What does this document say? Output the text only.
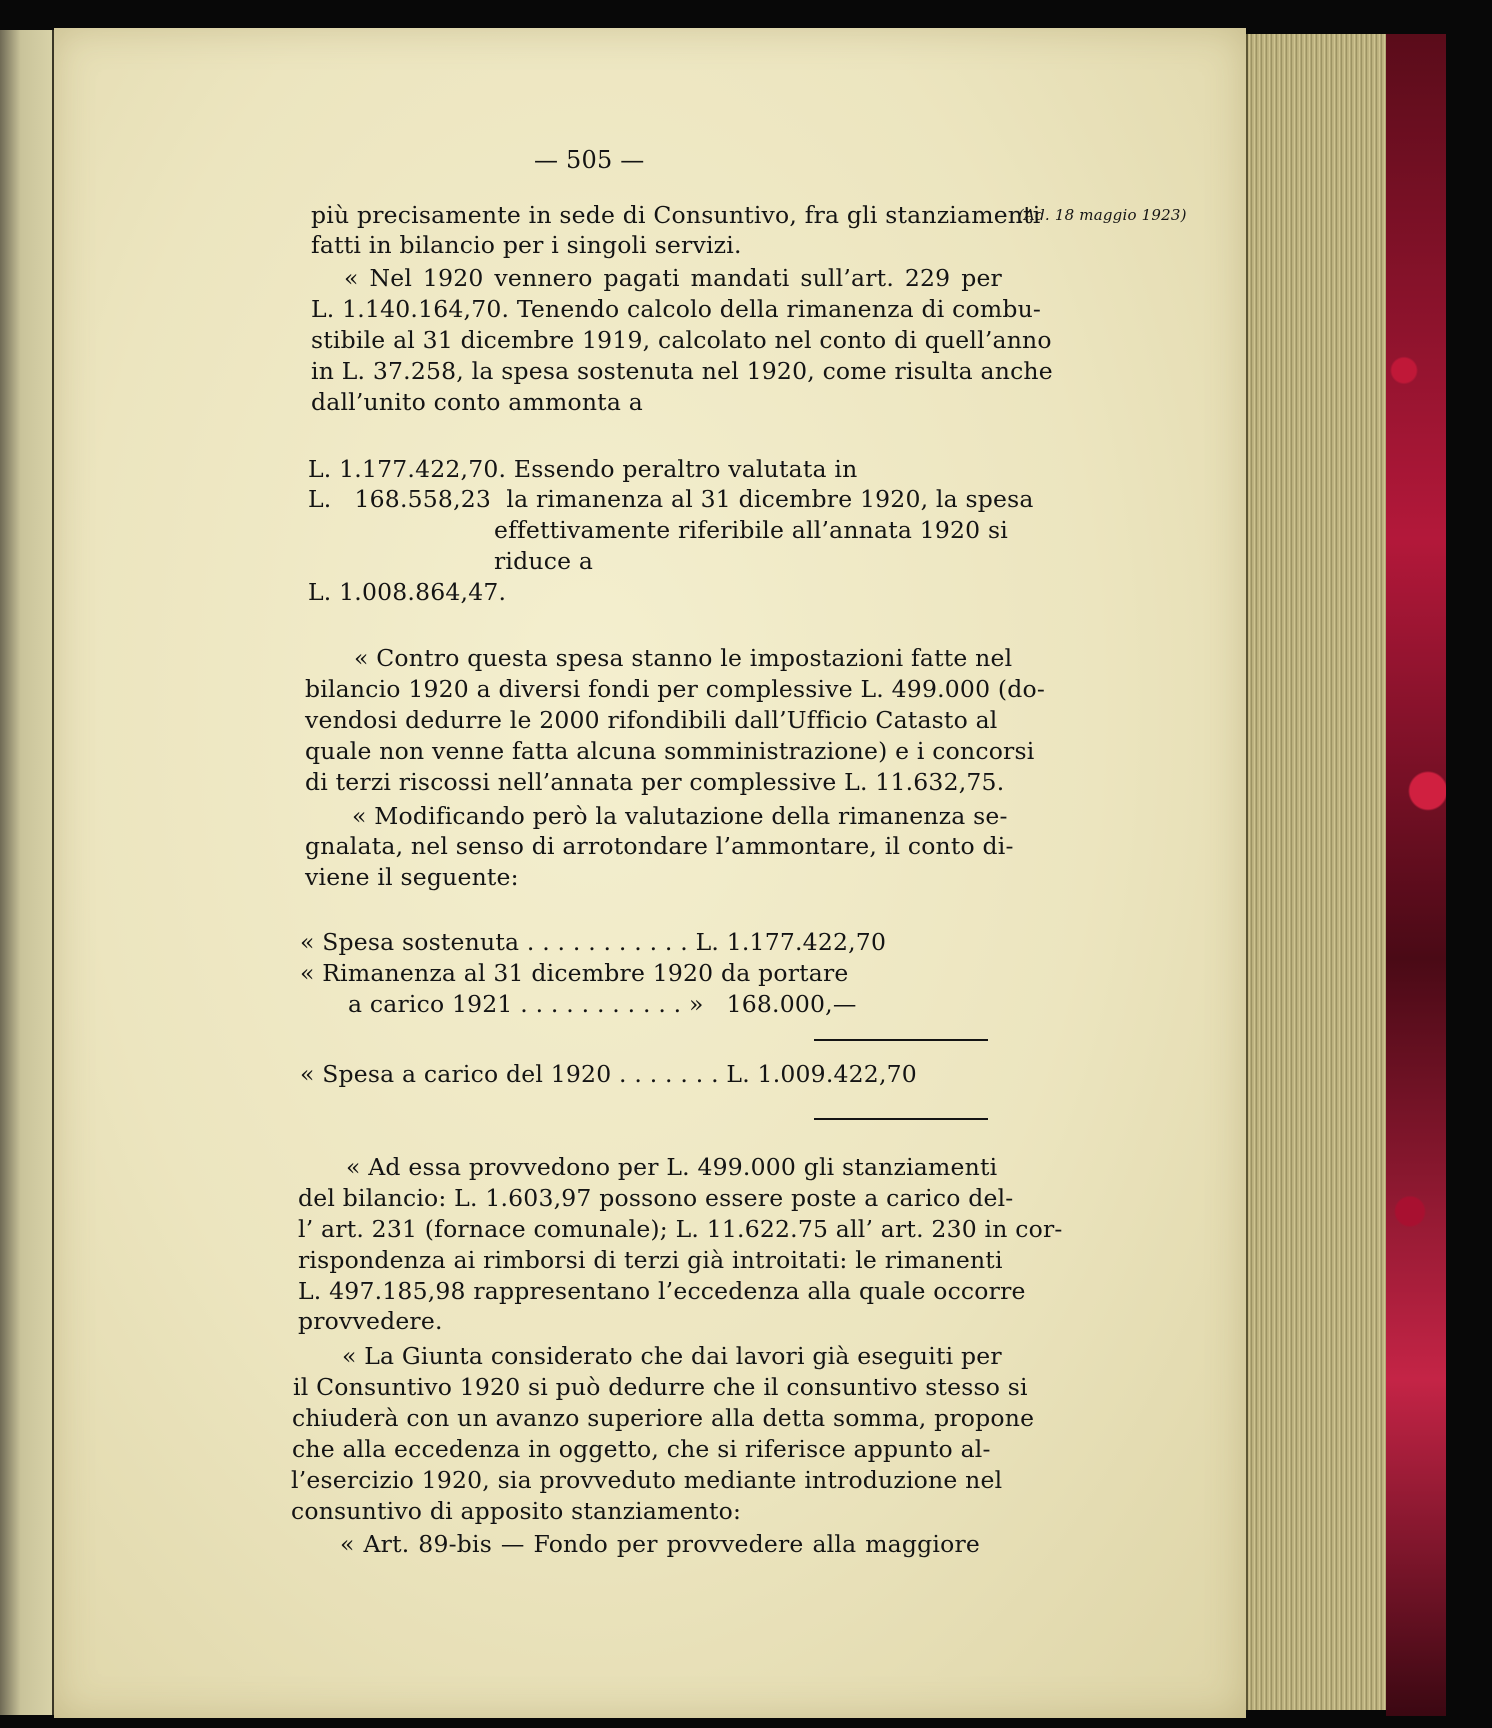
— 505 —
(Ad. 18 maggio 1923)
più precisamente in sede di Consuntivo, fra gli stanziamenti
fatti in bilancio per i singoli servizi.
« Nel 1920 vennero pagati mandati sull’art. 229 per
L. 1.140.164,70. Tenendo calcolo della rimanenza di combu-
stibile al 31 dicembre 1919, calcolato nel conto di quell’anno
in L. 37.258, la spesa sostenuta nel 1920, come risulta anche
dall’unito conto ammonta a
L. 1.177.422,70. Essendo peraltro valutata in
L.   168.558,23  la rimanenza al 31 dicembre 1920, la spesa
effettivamente riferibile all’annata 1920 si
riduce a
L. 1.008.864,47.
« Contro questa spesa stanno le impostazioni fatte nel
bilancio 1920 a diversi fondi per complessive L. 499.000 (do-
vendosi dedurre le 2000 rifondibili dall’Ufficio Catasto al
quale non venne fatta alcuna somministrazione) e i concorsi
di terzi riscossi nell’annata per complessive L. 11.632,75.
« Modificando però la valutazione della rimanenza se-
gnalata, nel senso di arrotondare l’ammontare, il conto di-
viene il seguente:
« Spesa sostenuta . . . . . . . . . . . L. 1.177.422,70
« Rimanenza al 31 dicembre 1920 da portare
a carico 1921 . . . . . . . . . . . »   168.000,—
« Spesa a carico del 1920 . . . . . . . L. 1.009.422,70
« Ad essa provvedono per L. 499.000 gli stanziamenti
del bilancio: L. 1.603,97 possono essere poste a carico del-
l’ art. 231 (fornace comunale); L. 11.622.75 all’ art. 230 in cor-
rispondenza ai rimborsi di terzi già introitati: le rimanenti
L. 497.185,98 rappresentano l’eccedenza alla quale occorre
provvedere.
« La Giunta considerato che dai lavori già eseguiti per
il Consuntivo 1920 si può dedurre che il consuntivo stesso si
chiuderà con un avanzo superiore alla detta somma, propone
che alla eccedenza in oggetto, che si riferisce appunto al-
l’esercizio 1920, sia provveduto mediante introduzione nel
consuntivo di apposito stanziamento:
« Art. 89-bis — Fondo per provvedere alla maggiore
